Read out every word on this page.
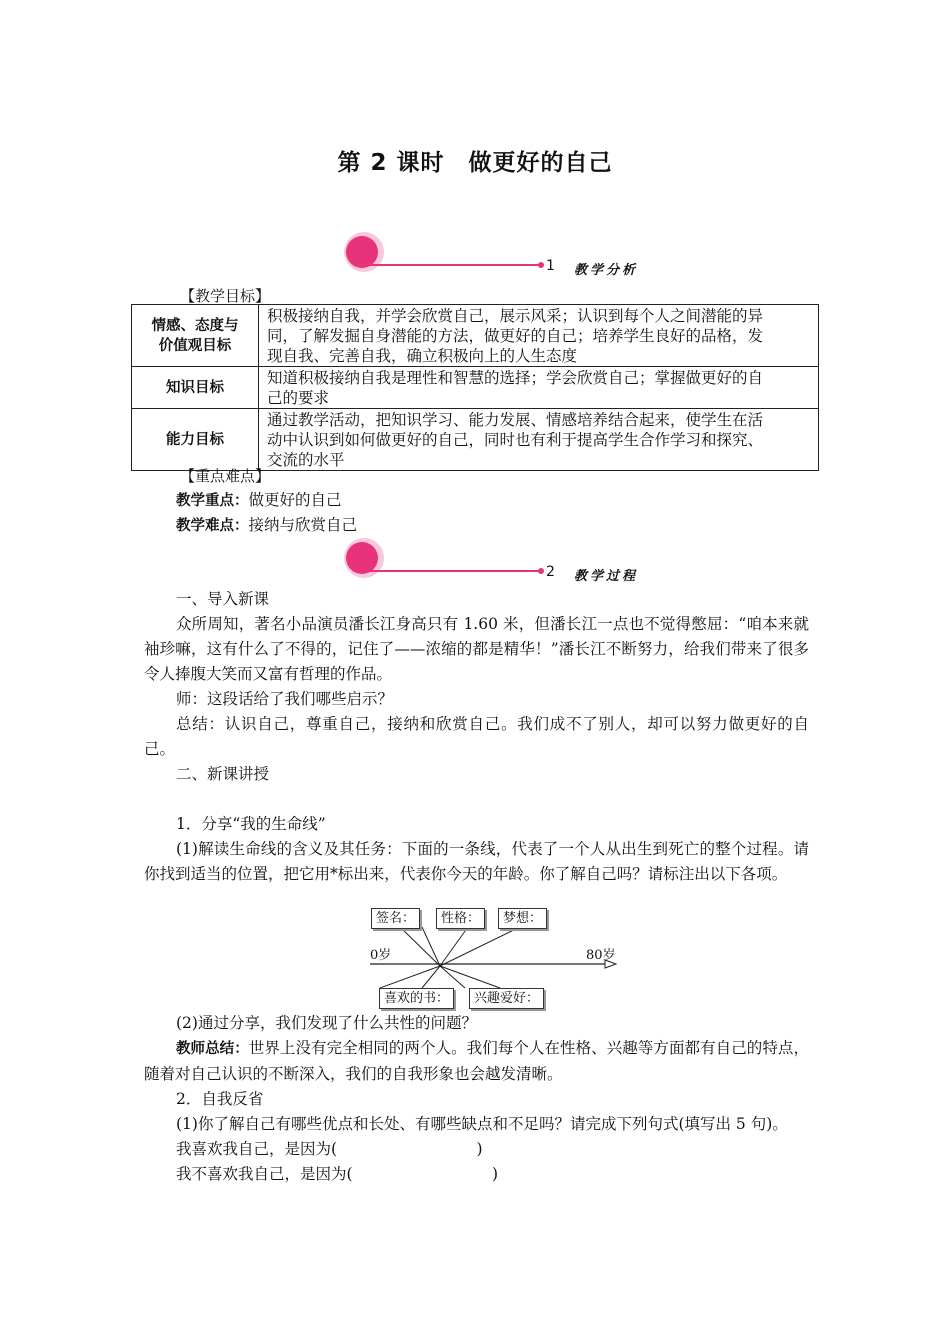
第 2 课时　做更好的自己
1 教学分析
【教学目标】
情感、态度与
价值观目标	积极接纳自我，并学会欣赏自己，展示风采；认识到每个人之间潜能的异
同，了解发掘自身潜能的方法，做更好的自己；培养学生良好的品格，发
现自我、完善自我，确立积极向上的人生态度
知识目标	知道积极接纳自我是理性和智慧的选择；学会欣赏自己；掌握做更好的自
己的要求
能力目标	通过教学活动，把知识学习、能力发展、情感培养结合起来，使学生在活
动中认识到如何做更好的自己，同时也有利于提高学生合作学习和探究、
交流的水平
【重点难点】
教学重点：做更好的自己
教学难点：接纳与欣赏自己
2 教学过程

一、导入新课

众所周知，著名小品演员潘长江身高只有 1.60 米，但潘长江一点也不觉得憋屈：“咱本来就袖珍嘛，这有什么了不得的，记住了——浓缩的都是精华！”潘长江不断努力，给我们带来了很多令人捧腹大笑而又富有哲理的作品。

师：这段话给了我们哪些启示？

总结：认识自己，尊重自己，接纳和欣赏自己。我们成不了别人，却可以努力做更好的自己。

二、新课讲授

1．分享“我的生命线”

(1)解读生命线的含义及其任务：下面的一条线，代表了一个人从出生到死亡的整个过程。请你找到适当的位置，把它用*标出来，代表你今天的年龄。你了解自己吗？请标注出以下各项。

签名：	性格：	梦想：
0岁	80岁
喜欢的书：	兴趣爱好：

(2)通过分享，我们发现了什么共性的问题？

教师总结：世界上没有完全相同的两个人。我们每个人在性格、兴趣等方面都有自己的特点，随着对自己认识的不断深入，我们的自我形象也会越发清晰。

2．自我反省

(1)你了解自己有哪些优点和长处、有哪些缺点和不足吗？请完成下列句式(填写出 5 句)。

我喜欢我自己，是因为(　　　　　　　　　)

我不喜欢我自己，是因为(　　　　　　　　　)
